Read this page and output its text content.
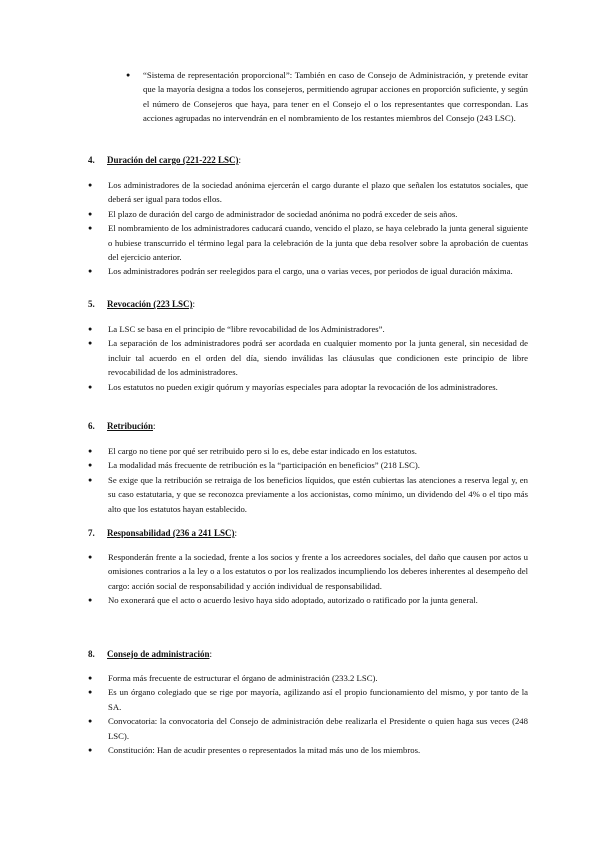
● “Sistema de representación proporcional”: También en caso de Consejo de Administración, y pretende evitar que la mayoría designa a todos los consejeros, permitiendo agrupar acciones en proporción suficiente, y según el número de Consejeros que haya, para tener en el Consejo el o los representantes que correspondan. Las acciones agrupadas no intervendrán en el nombramiento de los restantes miembros del Consejo (243 LSC).
4. Duración del cargo (221-222 LSC):
● Los administradores de la sociedad anónima ejercerán el cargo durante el plazo que señalen los estatutos sociales, que deberá ser igual para todos ellos.
● El plazo de duración del cargo de administrador de sociedad anónima no podrá exceder de seis años.
● El nombramiento de los administradores caducará cuando, vencido el plazo, se haya celebrado la junta general siguiente o hubiese transcurrido el término legal para la celebración de la junta que deba resolver sobre la aprobación de cuentas del ejercicio anterior.
● Los administradores podrán ser reelegidos para el cargo, una o varias veces, por periodos de igual duración máxima.
5. Revocación (223 LSC):
● La LSC se basa en el principio de “libre revocabilidad de los Administradores”.
● La separación de los administradores podrá ser acordada en cualquier momento por la junta general, sin necesidad de incluir tal acuerdo en el orden del día, siendo inválidas las cláusulas que condicionen este principio de libre revocabilidad de los administradores.
● Los estatutos no pueden exigir quórum y mayorías especiales para adoptar la revocación de los administradores.
6. Retribución:
● El cargo no tiene por qué ser retribuido pero si lo es, debe estar indicado en los estatutos.
● La modalidad más frecuente de retribución es la “participación en beneficios” (218 LSC).
● Se exige que la retribución se retraiga de los beneficios líquidos, que estén cubiertas las atenciones a reserva legal y, en su caso estatutaria, y que se reconozca previamente a los accionistas, como mínimo, un dividendo del 4% o el tipo más alto que los estatutos hayan establecido.
7. Responsabilidad (236 a 241 LSC):
● Responderán frente a la sociedad, frente a los socios y frente a los acreedores sociales, del daño que causen por actos u omisiones contrarios a la ley o a los estatutos o por los realizados incumpliendo los deberes inherentes al desempeño del cargo: acción social de responsabilidad y acción individual de responsabilidad.
● No exonerará que el acto o acuerdo lesivo haya sido adoptado, autorizado o ratificado por la junta general.
8. Consejo de administración:
● Forma más frecuente de estructurar el órgano de administración (233.2 LSC).
● Es un órgano colegiado que se rige por mayoría, agilizando así el propio funcionamiento del mismo, y por tanto de la SA.
● Convocatoria: la convocatoria del Consejo de administración debe realizarla el Presidente o quien haga sus veces (248 LSC).
● Constitución: Han de acudir presentes o representados la mitad más uno de los miembros.
